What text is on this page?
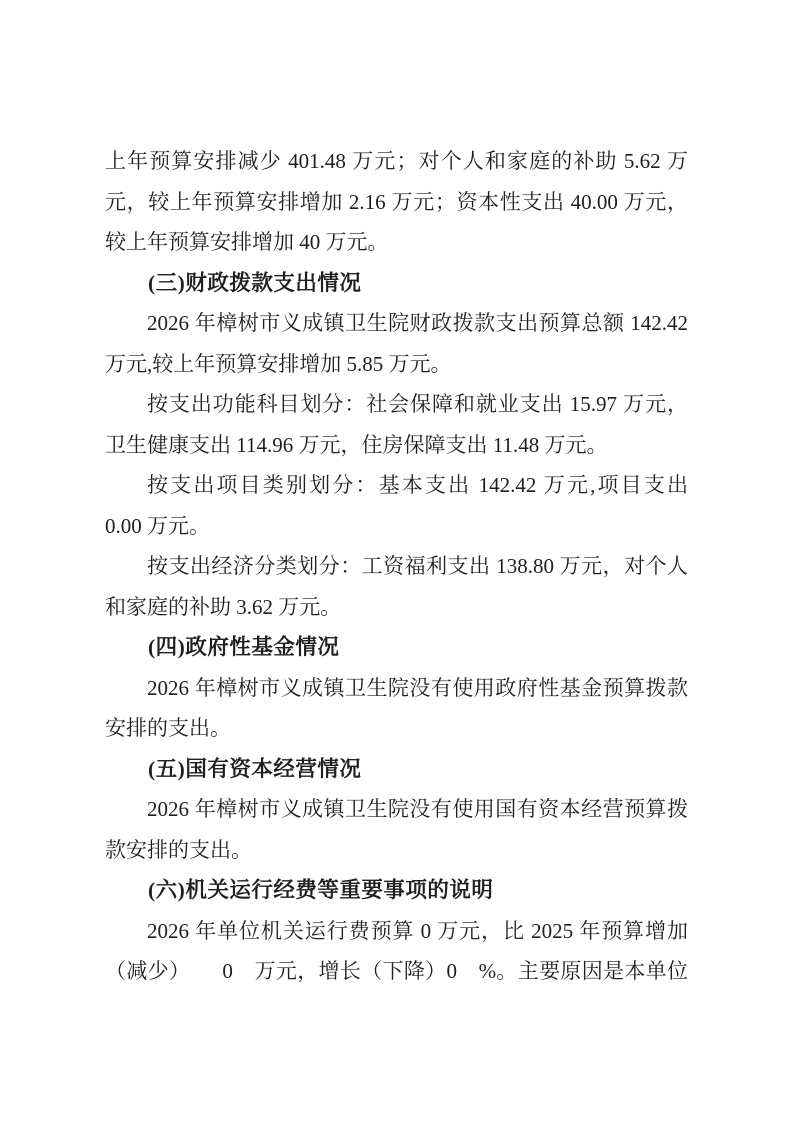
上年预算安排减少 401.48 万元；对个人和家庭的补助 5.62 万
元，较上年预算安排增加 2.16 万元；资本性支出 40.00 万元，
较上年预算安排增加 40 万元。

(三)财政拨款支出情况

2026 年樟树市义成镇卫生院财政拨款支出预算总额 142.42
万元,较上年预算安排增加 5.85 万元。

按支出功能科目划分：社会保障和就业支出 15.97 万元，
卫生健康支出 114.96 万元，住房保障支出 11.48 万元。

按支出项目类别划分：基本支出 142.42 万元,项目支出
0.00 万元。

按支出经济分类划分：工资福利支出 138.80 万元，对个人
和家庭的补助 3.62 万元。

(四)政府性基金情况

2026 年樟树市义成镇卫生院没有使用政府性基金预算拨款
安排的支出。

(五)国有资本经营情况

2026 年樟树市义成镇卫生院没有使用国有资本经营预算拨
款安排的支出。

(六)机关运行经费等重要事项的说明

2026 年单位机关运行费预算 0 万元，比 2025 年预算增加
（减少）　　0　万元，增长（下降）0　%。主要原因是本单位
